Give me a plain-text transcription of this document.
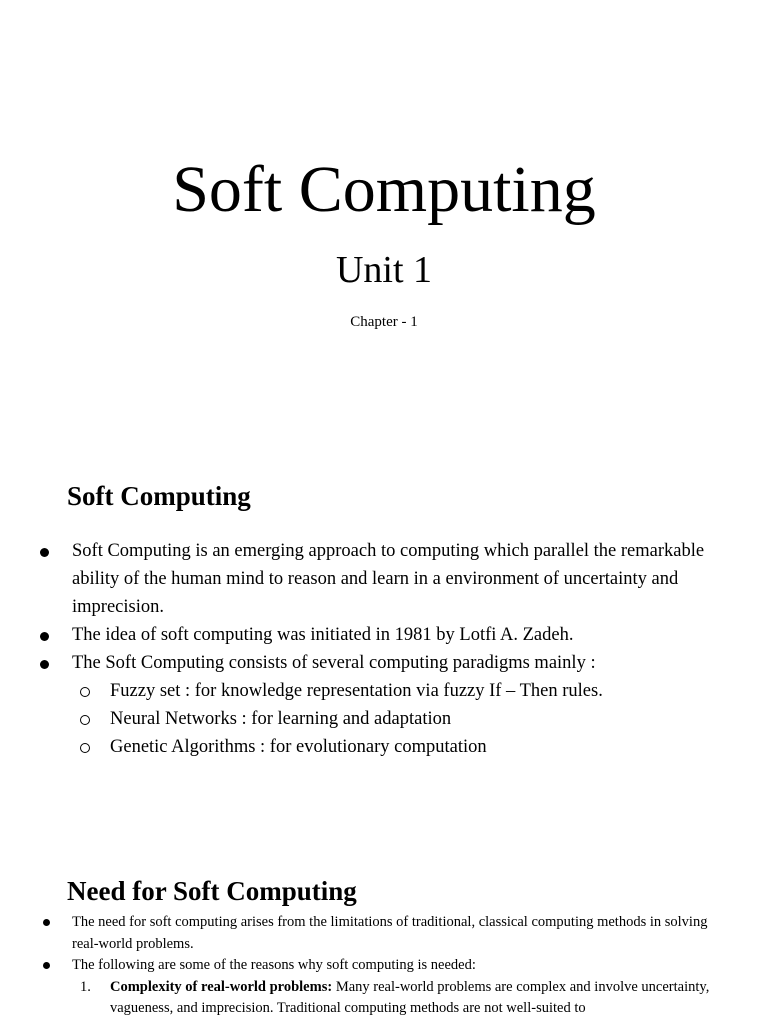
Soft Computing
Unit 1
Chapter - 1
Soft Computing
Soft Computing is an emerging approach to computing which parallel the remarkable ability of the human mind to reason and learn in a environment of uncertainty and imprecision.
The idea of soft computing was initiated in 1981 by Lotfi A. Zadeh.
The Soft Computing consists of several computing paradigms mainly :
Fuzzy set : for knowledge representation via fuzzy If – Then rules.
Neural Networks : for learning and adaptation
Genetic Algorithms : for evolutionary computation
Need for Soft Computing
The need for soft computing arises from the limitations of traditional, classical computing methods in solving real-world problems.
The following are some of the reasons why soft computing is needed:
1. Complexity of real-world problems: Many real-world problems are complex and involve uncertainty, vagueness, and imprecision. Traditional computing methods are not well-suited to
